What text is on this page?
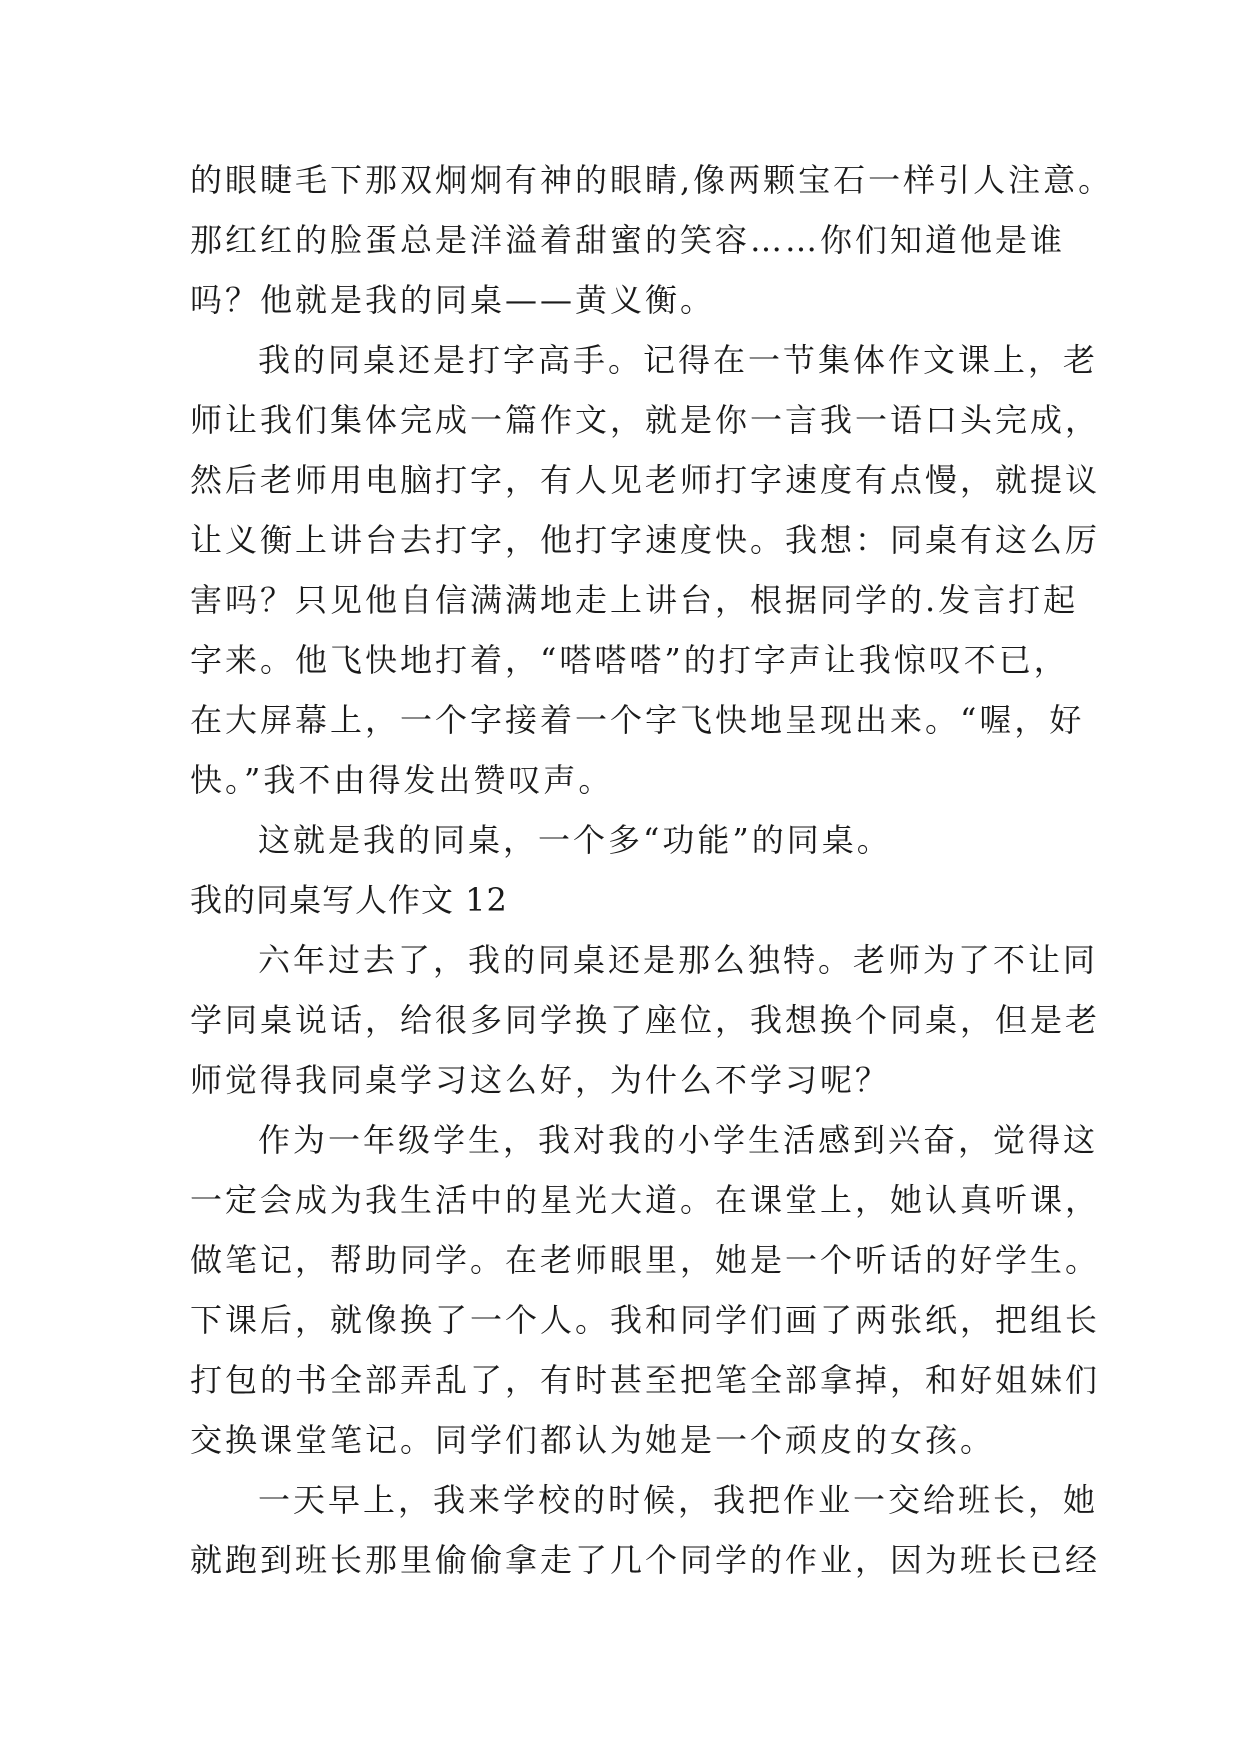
的眼睫毛下那双炯炯有神的眼睛,像两颗宝石一样引人注意。
那红红的脸蛋总是洋溢着甜蜜的笑容……你们知道他是谁
吗？他就是我的同桌——黄义衡。
我的同桌还是打字高手。记得在一节集体作文课上，老
师让我们集体完成一篇作文，就是你一言我一语口头完成，
然后老师用电脑打字，有人见老师打字速度有点慢，就提议
让义衡上讲台去打字，他打字速度快。我想：同桌有这么厉
害吗？只见他自信满满地走上讲台，根据同学的.发言打起
字来。他飞快地打着，“嗒嗒嗒”的打字声让我惊叹不已，
在大屏幕上，一个字接着一个字飞快地呈现出来。“喔，好
快。”我不由得发出赞叹声。
这就是我的同桌，一个多“功能”的同桌。
我的同桌写人作文 12
六年过去了，我的同桌还是那么独特。老师为了不让同
学同桌说话，给很多同学换了座位，我想换个同桌，但是老
师觉得我同桌学习这么好，为什么不学习呢？
作为一年级学生，我对我的小学生活感到兴奋，觉得这
一定会成为我生活中的星光大道。在课堂上，她认真听课，
做笔记，帮助同学。在老师眼里，她是一个听话的好学生。
下课后，就像换了一个人。我和同学们画了两张纸，把组长
打包的书全部弄乱了，有时甚至把笔全部拿掉，和好姐妹们
交换课堂笔记。同学们都认为她是一个顽皮的女孩。
一天早上，我来学校的时候，我把作业一交给班长，她
就跑到班长那里偷偷拿走了几个同学的作业，因为班长已经
